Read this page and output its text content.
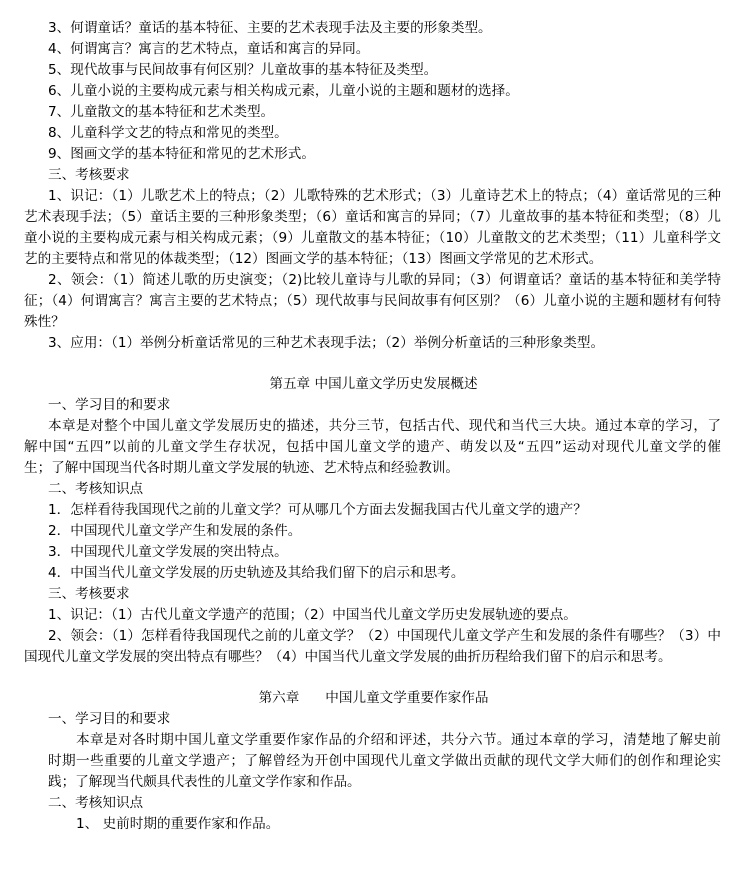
3、何谓童话？童话的基本特征、主要的艺术表现手法及主要的形象类型。
4、何谓寓言？寓言的艺术特点，童话和寓言的异同。
5、现代故事与民间故事有何区别？儿童故事的基本特征及类型。
6、儿童小说的主要构成元素与相关构成元素，儿童小说的主题和题材的选择。
7、儿童散文的基本特征和艺术类型。
8、儿童科学文艺的特点和常见的类型。
9、图画文学的基本特征和常见的艺术形式。
三、考核要求
1、识记：（1）儿歌艺术上的特点；（2）儿歌特殊的艺术形式；（3）儿童诗艺术上的特点；（4）童话常见的三种
艺术表现手法；（5）童话主要的三种形象类型；（6）童话和寓言的异同；（7）儿童故事的基本特征和类型；（8）儿
童小说的主要构成元素与相关构成元素；（9）儿童散文的基本特征；（10）儿童散文的艺术类型；（11）儿童科学文
艺的主要特点和常见的体裁类型；（12）图画文学的基本特征；（13）图画文学常见的艺术形式。
2、领会：（1）简述儿歌的历史演变；（2)比较儿童诗与儿歌的异同；（3）何谓童话？童话的基本特征和美学特
征；（4）何谓寓言？寓言主要的艺术特点；（5）现代故事与民间故事有何区别？（6）儿童小说的主题和题材有何特
殊性？
3、应用：（1）举例分析童话常见的三种艺术表现手法；（2）举例分析童话的三种形象类型。
第五章 中国儿童文学历史发展概述
一、学习目的和要求
本章是对整个中国儿童文学发展历史的描述，共分三节，包括古代、现代和当代三大块。通过本章的学习，了
解中国“五四”以前的儿童文学生存状况，包括中国儿童文学的遗产、萌发以及“五四”运动对现代儿童文学的催
生；了解中国现当代各时期儿童文学发展的轨迹、艺术特点和经验教训。
二、考核知识点
1．怎样看待我国现代之前的儿童文学？可从哪几个方面去发掘我国古代儿童文学的遗产？
2．中国现代儿童文学产生和发展的条件。
3．中国现代儿童文学发展的突出特点。
4．中国当代儿童文学发展的历史轨迹及其给我们留下的启示和思考。
三、考核要求
1、识记：（1）古代儿童文学遗产的范围；（2）中国当代儿童文学历史发展轨迹的要点。
2、领会：（1）怎样看待我国现代之前的儿童文学？（2）中国现代儿童文学产生和发展的条件有哪些？（3）中
国现代儿童文学发展的突出特点有哪些？（4）中国当代儿童文学发展的曲折历程给我们留下的启示和思考。
第六章      中国儿童文学重要作家作品
一、学习目的和要求
本章是对各时期中国儿童文学重要作家作品的介绍和评述，共分六节。通过本章的学习，清楚地了解史前
时期一些重要的儿童文学遗产；了解曾经为开创中国现代儿童文学做出贡献的现代文学大师们的创作和理论实
践；了解现当代颇具代表性的儿童文学作家和作品。
二、考核知识点
1、 史前时期的重要作家和作品。
